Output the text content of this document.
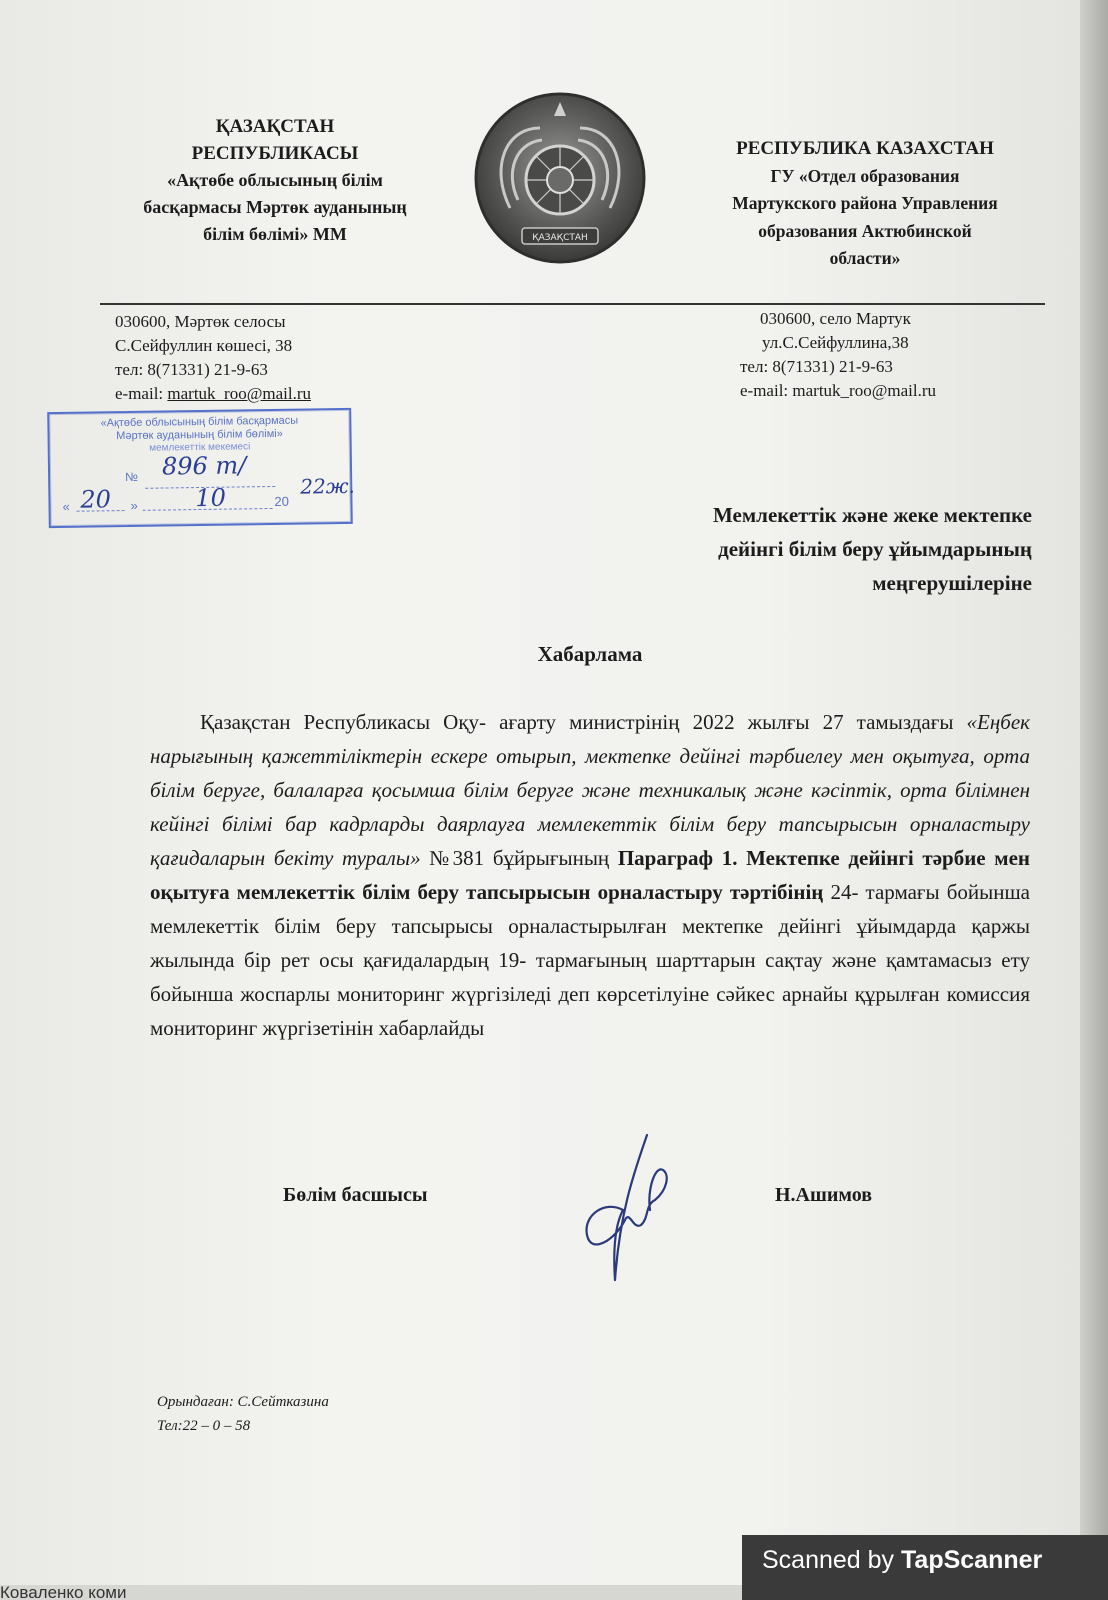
ҚАЗАҚСТАН
РЕСПУБЛИКАСЫ
«Ақтөбе облысының білім
басқармасы Мәртөк ауданының
білім бөлімі» ММ	ҚАЗАҚСТАН
РЕСПУБЛИКА КАЗАХСТАН
ГУ «Отдел образования
Мартукского района Управления
образования Актюбинской
области»
030600, Мәртөк селосы
С.Сейфуллин көшесі, 38
тел: 8(71331) 21-9-63
e-mail: martuk_roo@mail.ru
030600, село Мартук
ул.С.Сейфуллина,38
тел: 8(71331) 21-9-63
e-mail: martuk_roo@mail.ru
«Ақтөбе облысының білім басқармасы
Мәртөк ауданының білім бөлімі»
мемлекеттік мекемесі
№ 896 m/
« 20 » 10	20
22ж.
Мемлекеттік және жеке мектепке
дейінгі білім беру ұйымдарының
меңгерушілеріне
Хабарлама
Қазақстан Республикасы Оқу- ағарту министрінің 2022 жылғы 27 тамыздағы «Еңбек нарығының қажеттіліктерін ескере отырып, мектепке дейінгі тәрбиелеу мен оқытуға, орта білім беруге, балаларға қосымша білім беруге және техникалық және кәсіптік, орта білімнен кейінгі білімі бар кадрларды даярлауға мемлекеттік білім беру тапсырысын орналастыру қағидаларын бекіту туралы» №381 бұйрығының Параграф 1. Мектепке дейінгі тәрбие мен оқытуға мемлекеттік білім беру тапсырысын орналастыру тәртібінің 24- тармағы бойынша мемлекеттік білім беру тапсырысы орналастырылған мектепке дейінгі ұйымдарда қаржы жылында бір рет осы қағидалардың 19- тармағының шарттарын сақтау және қамтамасыз ету бойынша жоспарлы мониторинг жүргізіледі деп көрсетілуіне сәйкес арнайы құрылған комиссия мониторинг жүргізетінін хабарлайды
Бөлім басшысы	Н.Ашимов
Орындаған: С.Сейтказина
Тел:22 – 0 – 58
Коваленко коми
Scanned by TapScanner
